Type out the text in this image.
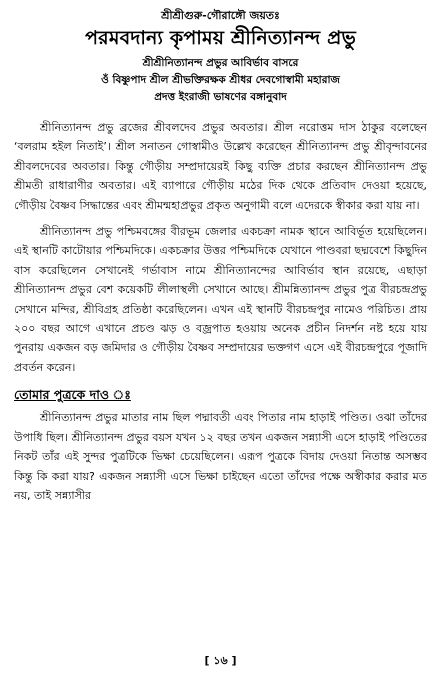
শ্রীশ্রীগুরু-গৌরাঙ্গৌ জয়তঃ
পরমবদান্য কৃপাময় শ্রীনিত্যানন্দ প্রভু
শ্রীশ্রীনিত্যানন্দ প্রভুর আবির্ভাব বাসরে
ওঁ বিষ্ণুপাদ শ্রীল শ্রীভক্তিরক্ষক শ্রীধর দেবগোস্বামী মহারাজ
প্রদত্ত ইংরাজী ভাষণের বঙ্গানুবাদ

শ্রীনিত্যানন্দ প্রভু ব্রজের শ্রীবলদেব প্রভুর অবতার। শ্রীল নরোত্তম দাস ঠাকুর বলেছেন ‘বলরাম হইল নিতাই’। শ্রীল সনাতন গোস্বামীও উল্লেখ করেছেন শ্রীনিত্যানন্দ প্রভু শ্রীবৃন্দাবনের শ্রীবলদেবের অবতার। কিন্তু গৌড়ীয় সম্প্রদায়েরই কিছু ব্যক্তি প্রচার করছেন শ্রীনিত্যানন্দ প্রভু শ্রীমতী রাধারাণীর অবতার। এই ব্যাপারে গৌড়ীয় মঠের দিক থেকে প্রতিবাদ দেওয়া হয়েছে, গৌড়ীয় বৈষ্ণব সিদ্ধান্তের এবং শ্রীমন্মহাপ্রভুর প্রকৃত অনুগামী বলে এদেরকে স্বীকার করা যায় না।

শ্রীনিত্যানন্দ প্রভু পশ্চিমবঙ্গের বীরভূম জেলার একচক্রা নামক স্থানে আবির্ভূত হয়েছিলেন। এই স্থানটি কাটোয়ার পশ্চিমদিকে। একচক্রার উত্তর পশ্চিমদিকে যেখানে পাণ্ডবরা ছদ্মবেশে কিছুদিন বাস করেছিলেন সেখানেই গর্ভাবাস নামে শ্রীনিত্যানন্দের আবির্ভাব স্থান রয়েছে, এছাড়া শ্রীনিত্যানন্দ প্রভুর বেশ কয়েকটি লীলাস্থলী সেখানে আছে। শ্রীমন্নিত্যানন্দ প্রভুর পুত্র বীরচন্দ্রপ্রভু সেখানে মন্দির, শ্রীবিগ্রহ প্রতিষ্ঠা করেছিলেন। এখন এই স্থানটি বীরচন্দ্রপুর নামেও পরিচিত। প্রায় ২০০ বছর আগে এখানে প্রচণ্ড ঝড় ও বজ্রপাত হওয়ায় অনেক প্রচীন নিদর্শন নষ্ট হয়ে যায় পুনরায় একজন বড় জমিদার ও গৌড়ীয় বৈষ্ণব সম্প্রদায়ের ভক্তগণ এসে এই বীরচন্দ্রপুরে পূজাদি প্রবর্তন করেন।

তোমার পুত্রকে দাও ঃ

শ্রীনিত্যানন্দ প্রভুর মাতার নাম ছিল পদ্মাবতী এবং পিতার নাম হাড়াই পণ্ডিত। ওঝা তাঁদের উপাধি ছিল। শ্রীনিত্যানন্দ প্রভুর বয়স যখন ১২ বছর তখন একজন সন্ন্যাসী এসে হাড়াই পণ্ডিতের নিকট তাঁর এই সুন্দর পুত্রটিকে ভিক্ষা চেয়েছিলেন। এরূপ পুত্রকে বিদায় দেওয়া নিতান্ত অসম্ভব কিন্তু কি করা যায়? একজন সন্ন্যাসী এসে ভিক্ষা চাইছেন এতো তাঁদের পক্ষে অস্বীকার করার মত নয়, তাই সন্ন্যাসীর

[ ১৬ ]
